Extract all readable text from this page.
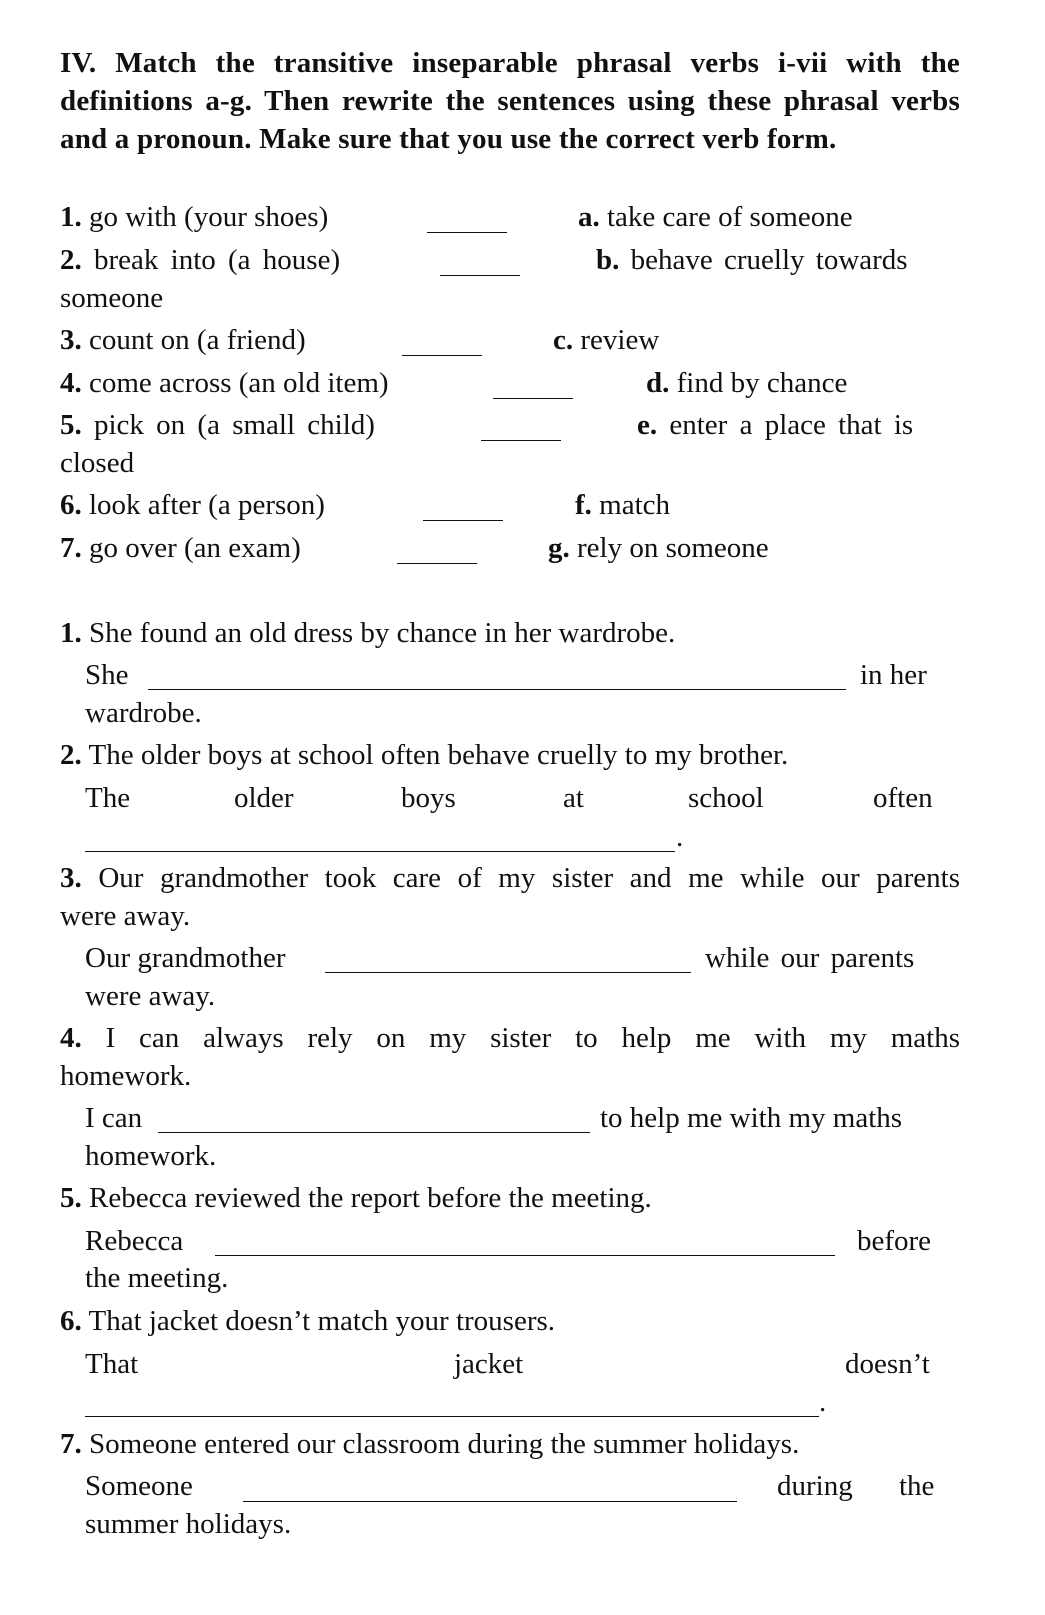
IV. Match the transitive inseparable phrasal verbs i-vii with the definitions a-g. Then rewrite the sentences using these phrasal verbs and a pronoun. Make sure that you use the correct verb form.
1. go with (your shoes)	a. take care of someone
2. break into (a house)	b. behave cruelly towards
someone
3. count on (a friend)	c. review
4. come across (an old item)	d. find by chance
5. pick on (a small child)	e. enter a place that is
closed
6. look after (a person)	f. match
7. go over (an exam)	g. rely on someone
1. She found an old dress by chance in her wardrobe.
She	in her
wardrobe.
2. The older boys at school often behave cruelly to my brother.
The	older	boys	at	school	often
.
3. Our grandmother took care of my sister and me while our parents
were away.
Our grandmother	while our parents
were away.
4. I can always rely on my sister to help me with my maths
homework.
I can	to help me with my maths
homework.
5. Rebecca reviewed the report before the meeting.
Rebecca	before
the meeting.
6. That jacket doesn’t match your trousers.
That	jacket	doesn’t
.
7. Someone entered our classroom during the summer holidays.
Someone	during the
summer holidays.
